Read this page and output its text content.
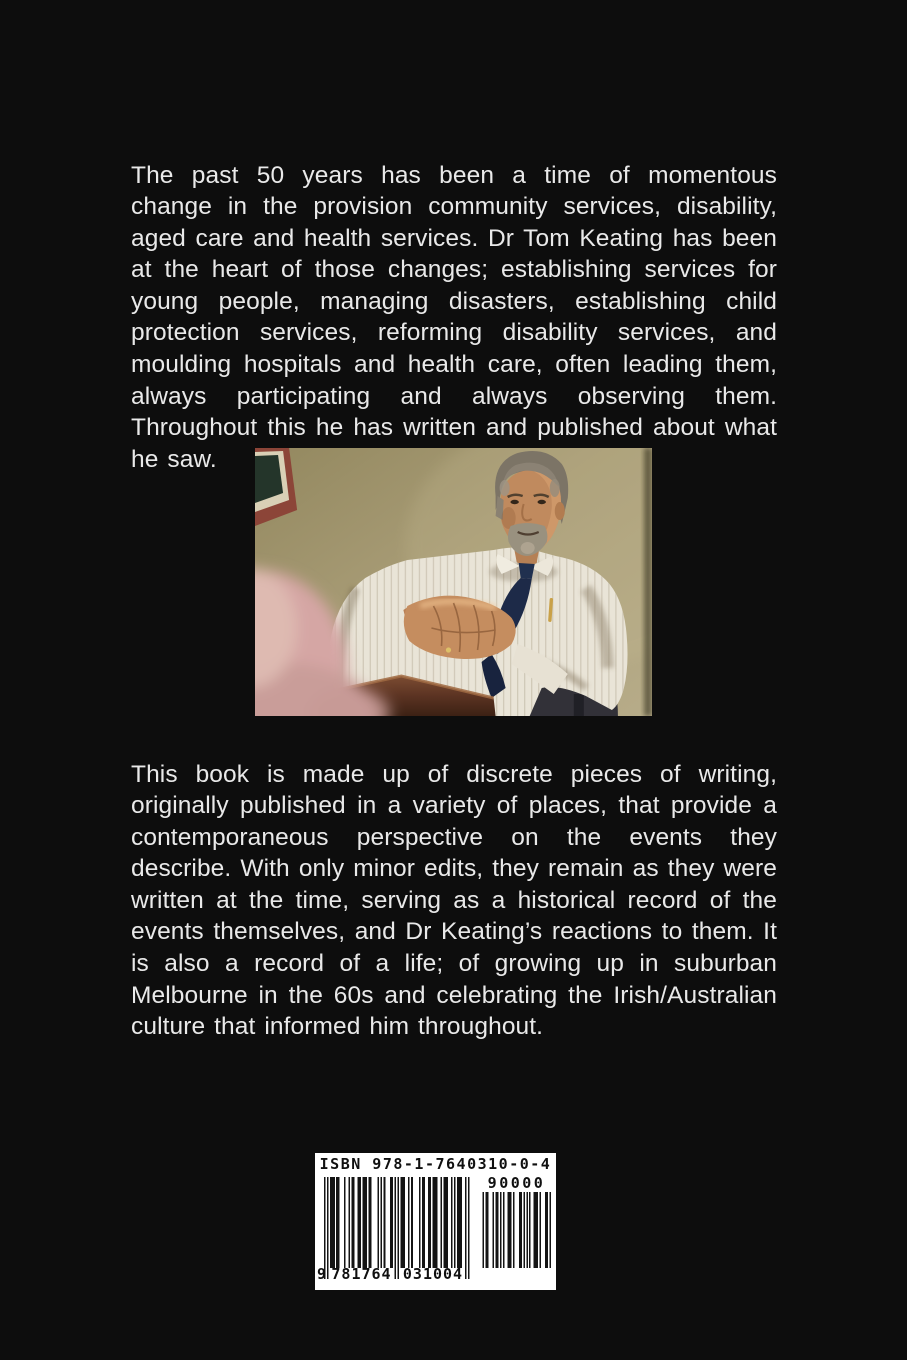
The past 50 years has been a time of momentous change in the provision community services, disability, aged care and health services. Dr Tom Keating has been at the heart of those changes; establishing services for young people, managing disasters, establishing child protection services, reforming disability services, and moulding hospitals and health care, often leading them, always participating and always observing them. Throughout this he has written and published about what he saw.

This book is made up of discrete pieces of writing, originally published in a variety of places, that provide a contemporaneous perspective on the events they describe. With only minor edits, they remain as they were written at the time, serving as a historical record of the events themselves, and Dr Keating’s reactions to them. It is also a record of a life; of growing up in suburban Melbourne in the 60s and celebrating the Irish/Australian culture that informed him throughout.

ISBN 978-1-7640310-0-4
90000
9 781764 031004
